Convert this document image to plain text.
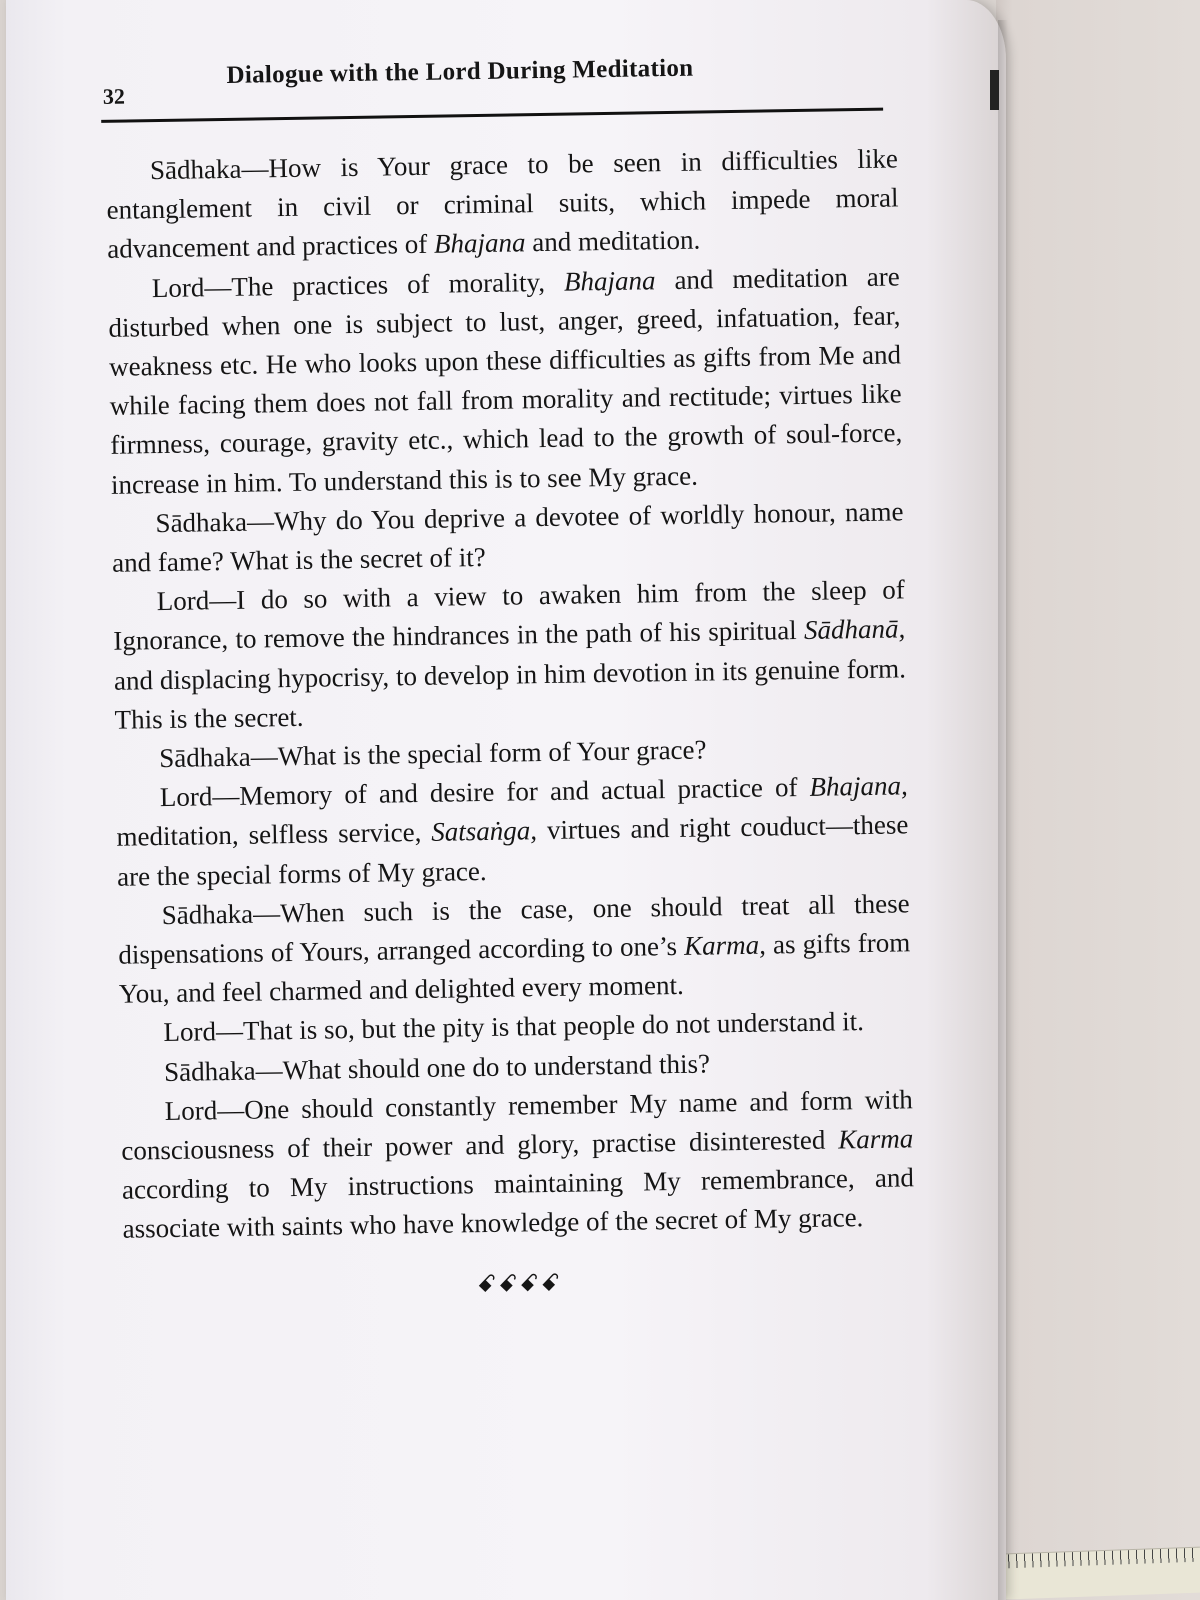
32
Dialogue with the Lord During Meditation

Sādhaka—How is Your grace to be seen in difficulties like entanglement in civil or criminal suits, which impede moral advancement and practices of Bhajana and meditation.

Lord—The practices of morality, Bhajana and meditation are disturbed when one is subject to lust, anger, greed, infatuation, fear, weakness etc. He who looks upon these difficulties as gifts from Me and while facing them does not fall from morality and rectitude; virtues like firmness, courage, gravity etc., which lead to the growth of soul-force, increase in him. To understand this is to see My grace.

Sādhaka—Why do You deprive a devotee of worldly honour, name and fame? What is the secret of it?

Lord—I do so with a view to awaken him from the sleep of Ignorance, to remove the hindrances in the path of his spiritual Sādhanā, and displacing hypocrisy, to develop in him devotion in its genuine form. This is the secret.

Sādhaka—What is the special form of Your grace?

Lord—Memory of and desire for and actual practice of Bhajana, meditation, selfless service, Satsaṅga, virtues and right couduct—these are the special forms of My grace.

Sādhaka—When such is the case, one should treat all these dispensations of Yours, arranged according to one’s Karma, as gifts from You, and feel charmed and delighted every moment.

Lord—That is so, but the pity is that people do not understand it.

Sādhaka—What should one do to understand this?

Lord—One should constantly remember My name and form with consciousness of their power and glory, practise disinterested Karma according to My instructions maintaining My remembrance, and associate with saints who have knowledge of the secret of My grace.

ꗃꗃꗃꗃ
